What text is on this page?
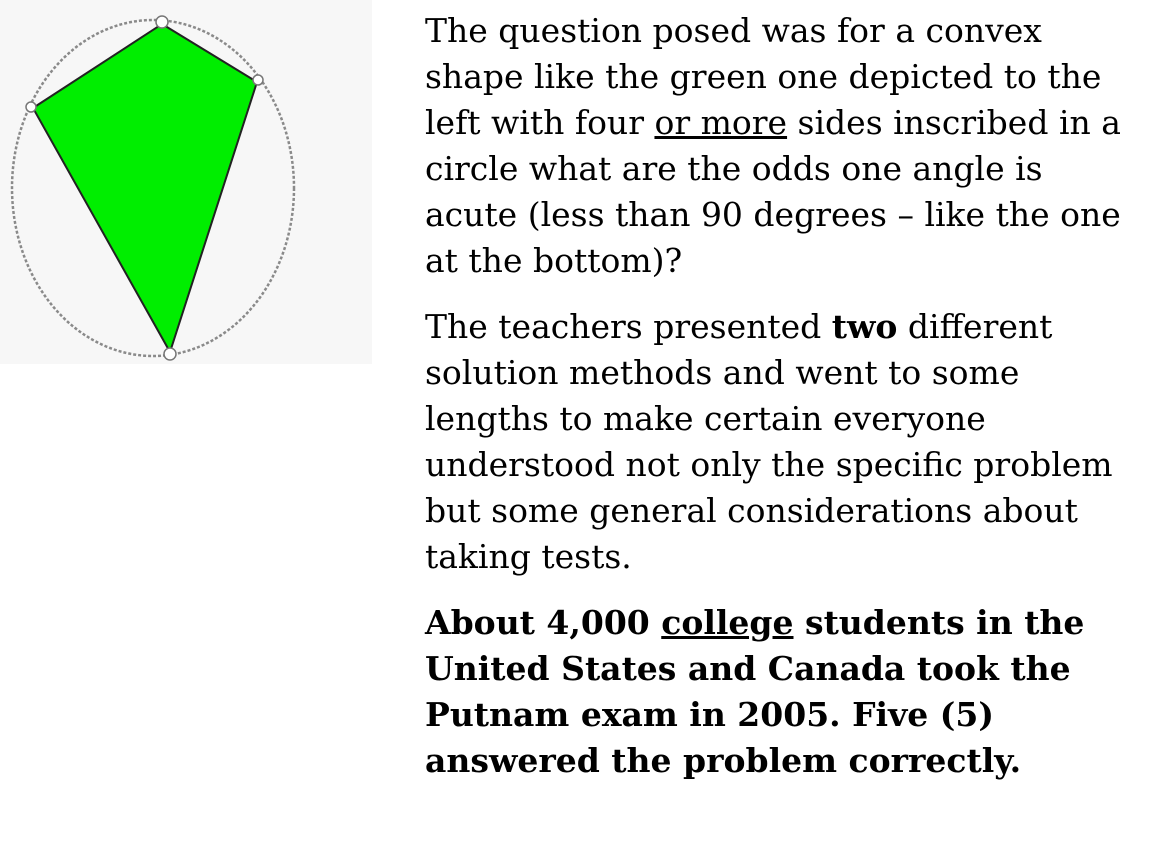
The question posed was for a convex shape like the green one depicted to the left with four or more sides inscribed in a circle what are the odds one angle is acute (less than 90 degrees – like the one at the bottom)?

The teachers presented two different solution methods and went to some lengths to make certain everyone understood not only the specific problem but some general considerations about taking tests.

About 4,000 college students in the United States and Canada took the Putnam exam in 2005. Five (5) answered the problem correctly.
